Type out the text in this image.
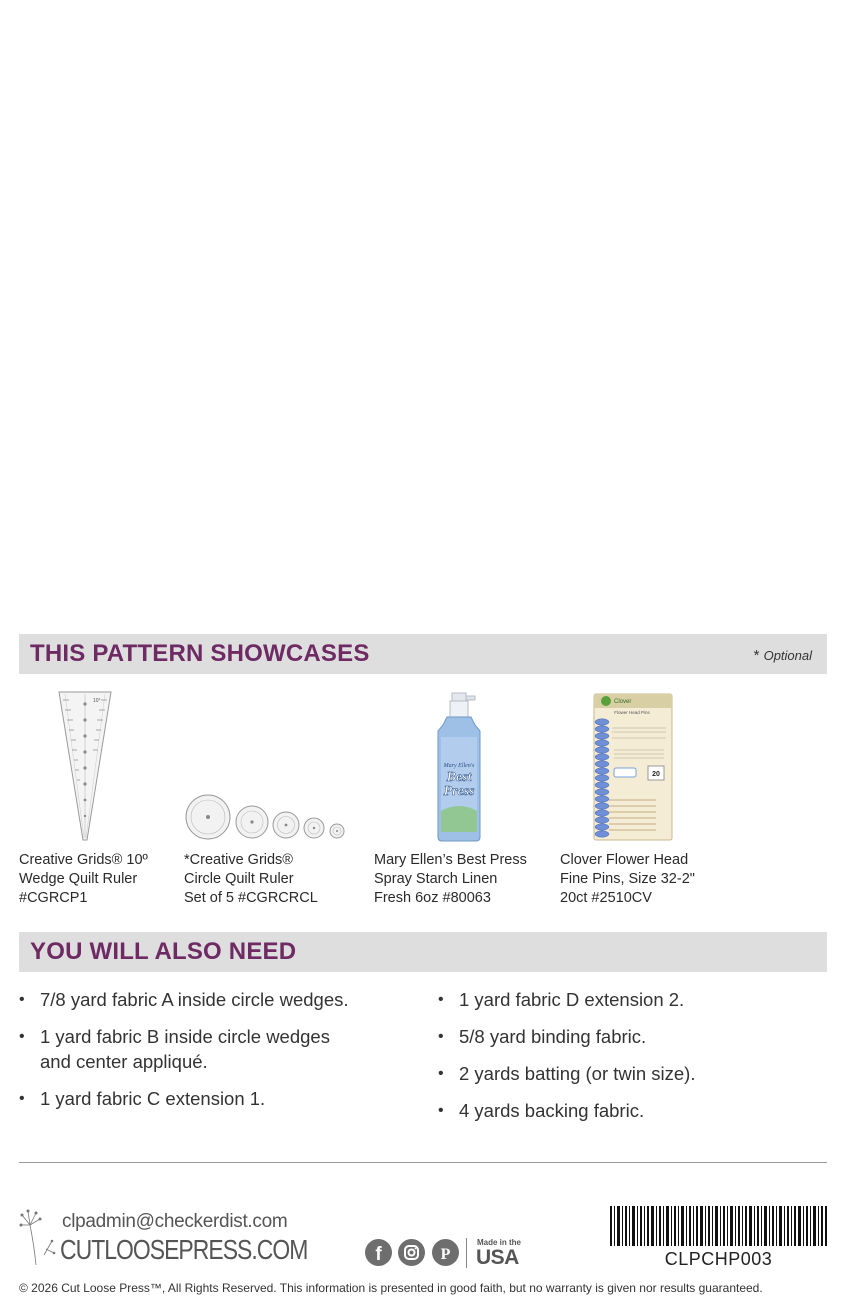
THIS PATTERN SHOWCASES	* Optional
10°
Mary Ellen's
Best
Press
Clover
Flower Head Pins
20
Creative Grids® 10º
Wedge Quilt Ruler
#CGRCP1
*Creative Grids®
Circle Quilt Ruler
Set of 5 #CGRCRCL
Mary Ellen’s Best Press
Spray Starch Linen
Fresh 6oz #80063
Clover Flower Head
Fine Pins, Size 32-2"
20ct #2510CV
YOU WILL ALSO NEED
• 7/8 yard fabric A inside circle wedges.
• 1 yard fabric B inside circle wedges
and center appliqué.
• 1 yard fabric C extension 1.
• 1 yard fabric D extension 2.
• 5/8 yard binding fabric.
• 2 yards batting (or twin size).
• 4 yards backing fabric.
clpadmin@checkerdist.com
CUTLOOSEPRESS.COM	f	P
Made in the
USA	CLPCHP003
© 2026 Cut Loose Press™, All Rights Reserved. This information is presented in good faith, but no warranty is given nor results guaranteed.
